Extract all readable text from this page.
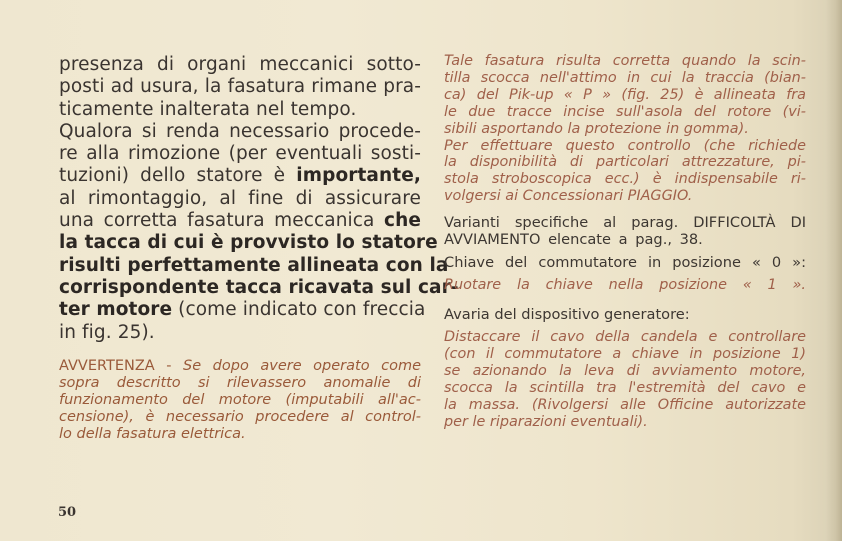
presenza di organi meccanici sotto-
posti ad usura, la fasatura rimane pra-
ticamente inalterata nel tempo.
Qualora si renda necessario procede-
re alla rimozione (per eventuali sosti-
tuzioni) dello statore è importante,
al rimontaggio, al fine di assicurare
una corretta fasatura meccanica che
la tacca di cui è provvisto lo statore
risulti perfettamente allineata con la
corrispondente tacca ricavata sul car-
ter motore (come indicato con freccia
in fig. 25).
AVVERTENZA - Se dopo avere operato come
sopra descritto si rilevassero anomalie di
funzionamento del motore (imputabili all'ac-
censione), è necessario procedere al control-
lo della fasatura elettrica.
Tale fasatura risulta corretta quando la scin-
tilla scocca nell'attimo in cui la traccia (bian-
ca) del Pik-up « P » (fig. 25) è allineata fra
le due tracce incise sull'asola del rotore (vi-
sibili asportando la protezione in gomma).
Per effettuare questo controllo (che richiede
la disponibilità di particolari attrezzature, pi-
stola stroboscopica ecc.) è indispensabile ri-
volgersi ai Concessionari PIAGGIO.
Varianti specifiche al parag. DIFFICOLTÀ DI
AVVIAMENTO elencate a pag., 38.
Chiave del commutatore in posizione « 0 »:
Ruotare la chiave nella posizione « 1 ».
Avaria del dispositivo generatore:
Distaccare il cavo della candela e controllare
(con il commutatore a chiave in posizione 1)
se azionando la leva di avviamento motore,
scocca la scintilla tra l'estremità del cavo e
la massa. (Rivolgersi alle Officine autorizzate
per le riparazioni eventuali).
50
